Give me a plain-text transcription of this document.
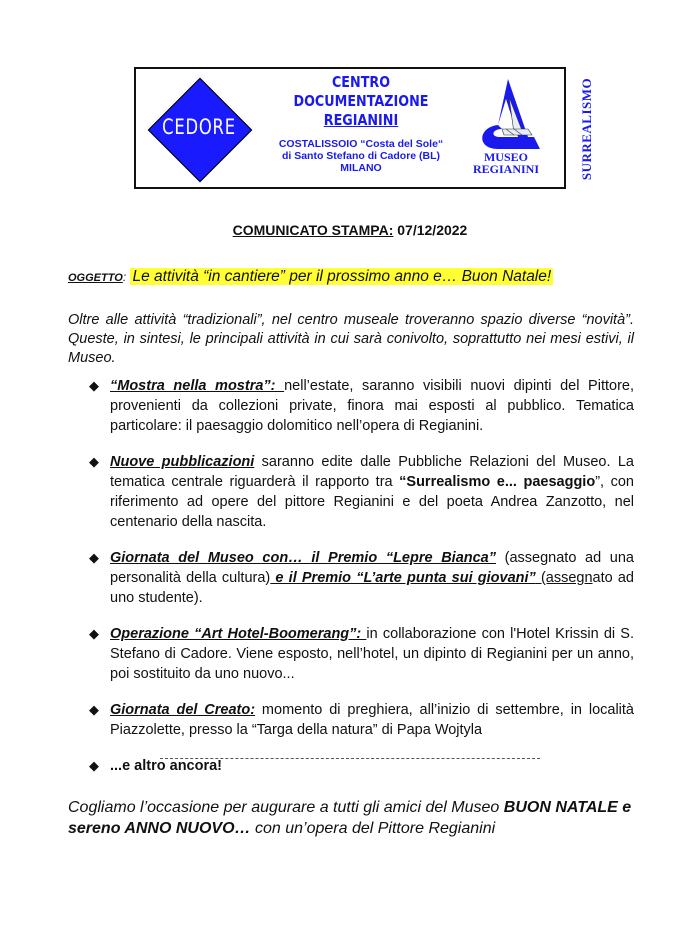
CEDORE
CENTRO
DOCUMENTAZIONE
REGIANINI
COSTALISSOIO “Costa del Sole“
di Santo Stefano di Cadore (BL)
MILANO
MUSEO
REGIANINI	SURREALISMO
COMUNICATO STAMPA: 07/12/2022
OGGETTO: Le attività “in cantiere” per il prossimo anno e… Buon Natale!
Oltre alle attività “tradizionali”, nel centro museale troveranno spazio diverse “novità”. Queste, in sintesi, le principali attività in cui sarà conivolto, soprattutto nei mesi estivi, il Museo.
◆ “Mostra nella mostra”: nell’estate, saranno visibili nuovi dipinti del Pittore, provenienti da collezioni private, finora mai esposti al pubblico. Tematica particolare: il paesaggio dolomitico nell’opera di Regianini.
◆ Nuove pubblicazioni saranno edite dalle Pubbliche Relazioni del Museo. La tematica centrale riguarderà il rapporto tra “Surrealismo e... paesaggio”, con riferimento ad opere del pittore Regianini e del poeta Andrea Zanzotto, nel centenario della nascita.
◆ Giornata del Museo con… il Premio “Lepre Bianca” (assegnato ad una personalità della cultura) e il Premio “L’arte punta sui giovani” (assegnato ad uno studente).
◆ Operazione “Art Hotel-Boomerang”: in collaborazione con l'Hotel Krissin di S. Stefano di Cadore. Viene esposto, nell’hotel, un dipinto di Regianini per un anno, poi sostituito da uno nuovo...
◆ Giornata del Creato: momento di preghiera, all’inizio di settembre, in località Piazzolette, presso la “Targa della natura” di Papa Wojtyla
◆ ...e altro ancora!
Cogliamo l’occasione per augurare a tutti gli amici del Museo BUON NATALE e sereno ANNO NUOVO… con un’opera del Pittore Regianini
